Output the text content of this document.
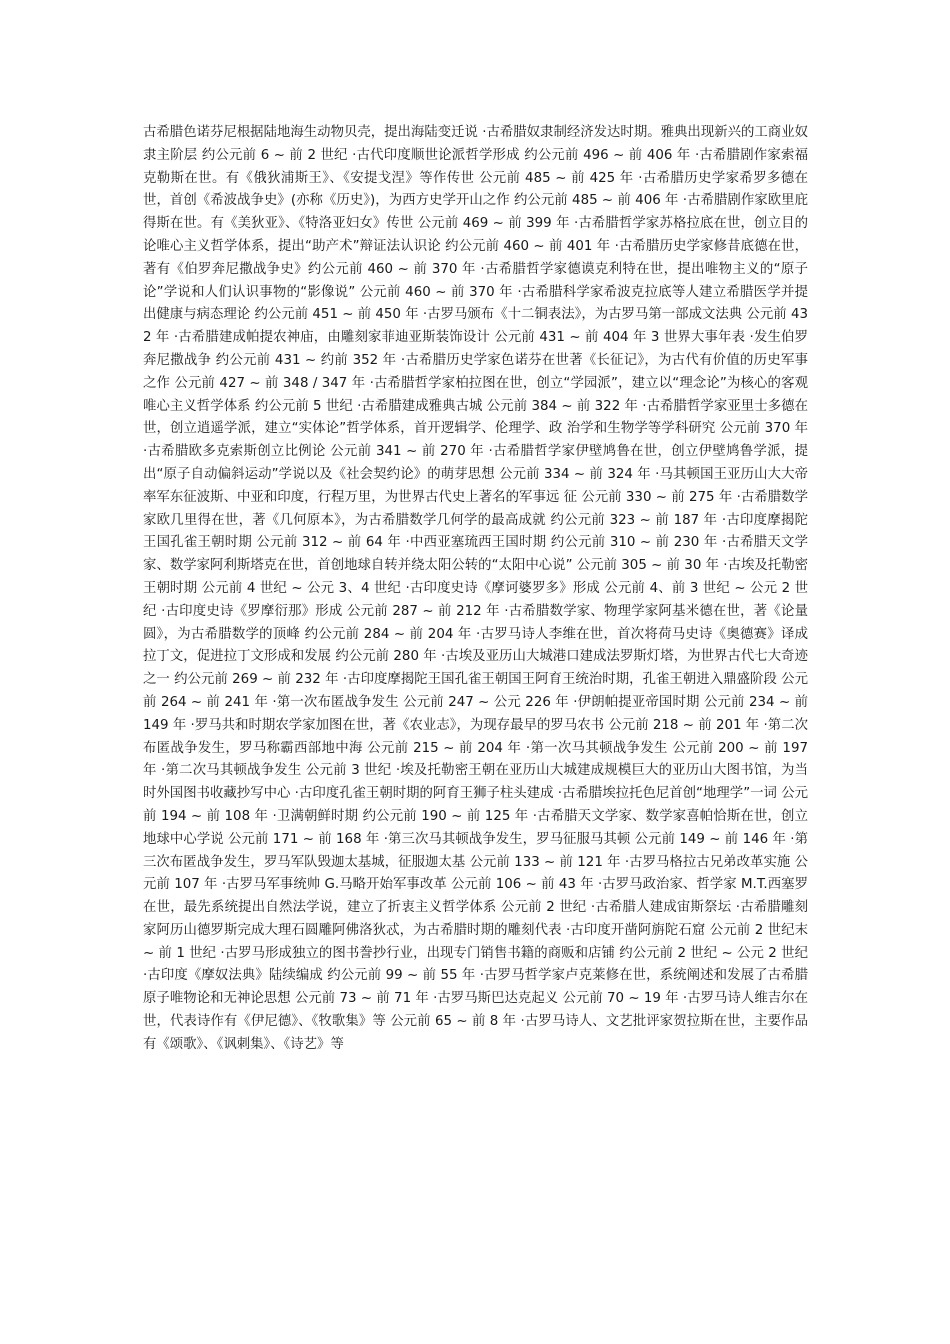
古希腊色诺芬尼根据陆地海生动物贝壳，提出海陆变迁说 ·古希腊奴隶制经济发达时期。雅典出现新兴的工商业奴隶主阶层 约公元前 6 ~ 前 2 世纪 ·古代印度顺世论派哲学形成 约公元前 496 ~ 前 406 年 ·古希腊剧作家索福克勒斯在世。有《俄狄浦斯王》、《安提戈涅》等作传世 公元前 485 ~ 前 425 年 ·古希腊历史学家希罗多德在世，首创《希波战争史》(亦称《历史》)，为西方史学开山之作 约公元前 485 ~ 前 406 年 ·古希腊剧作家欧里庇得斯在世。有《美狄亚》、《特洛亚妇女》传世 公元前 469 ~ 前 399 年 ·古希腊哲学家苏格拉底在世，创立目的论唯心主义哲学体系，提出“助产术”辩证法认识论 约公元前 460 ~ 前 401 年 ·古希腊历史学家修昔底德在世，著有《伯罗奔尼撒战争史》约公元前 460 ~ 前 370 年 ·古希腊哲学家德谟克利特在世，提出唯物主义的“原子论”学说和人们认识事物的“影像说” 公元前 460 ~ 前 370 年 ·古希腊科学家希波克拉底等人建立希腊医学并提出健康与病态理论 约公元前 451 ~ 前 450 年 ·古罗马颁布《十二铜表法》，为古罗马第一部成文法典 公元前 432 年 ·古希腊建成帕提农神庙，由雕刻家菲迪亚斯装饰设计 公元前 431 ~ 前 404 年 3 世界大事年表 ·发生伯罗奔尼撒战争 约公元前 431 ~ 约前 352 年 ·古希腊历史学家色诺芬在世著《长征记》，为古代有价值的历史军事之作 公元前 427 ~ 前 348 / 347 年 ·古希腊哲学家柏拉图在世，创立“学园派”，建立以“理念论”为核心的客观唯心主义哲学体系 约公元前 5 世纪 ·古希腊建成雅典古城 公元前 384 ~ 前 322 年 ·古希腊哲学家亚里士多德在世，创立逍遥学派，建立“实体论”哲学体系，首开逻辑学、伦理学、政 治学和生物学等学科研究 公元前 370 年 ·古希腊欧多克索斯创立比例论 公元前 341 ~ 前 270 年 ·古希腊哲学家伊壁鸠鲁在世，创立伊壁鸠鲁学派，提出“原子自动偏斜运动”学说以及《社会契约论》的萌芽思想 公元前 334 ~ 前 324 年 ·马其顿国王亚历山大大帝率军东征波斯、中亚和印度，行程万里，为世界古代史上著名的军事远 征 公元前 330 ~ 前 275 年 ·古希腊数学家欧几里得在世，著《几何原本》，为古希腊数学几何学的最高成就 约公元前 323 ~ 前 187 年 ·古印度摩揭陀王国孔雀王朝时期 公元前 312 ~ 前 64 年 ·中西亚塞琉西王国时期 约公元前 310 ~ 前 230 年 ·古希腊天文学家、数学家阿利斯塔克在世，首创地球自转并绕太阳公转的“太阳中心说” 公元前 305 ~ 前 30 年 ·古埃及托勒密王朝时期 公元前 4 世纪 ~ 公元 3、4 世纪 ·古印度史诗《摩诃婆罗多》形成 公元前 4、前 3 世纪 ~ 公元 2 世纪 ·古印度史诗《罗摩衍那》形成 公元前 287 ~ 前 212 年 ·古希腊数学家、物理学家阿基米德在世，著《论量圆》，为古希腊数学的顶峰 约公元前 284 ~ 前 204 年 ·古罗马诗人李维在世，首次将荷马史诗《奥德赛》译成拉丁文，促进拉丁文形成和发展 约公元前 280 年 ·古埃及亚历山大城港口建成法罗斯灯塔，为世界古代七大奇迹之一 约公元前 269 ~ 前 232 年 ·古印度摩揭陀王国孔雀王朝国王阿育王统治时期，孔雀王朝进入鼎盛阶段 公元前 264 ~ 前 241 年 ·第一次布匿战争发生 公元前 247 ~ 公元 226 年 ·伊朗帕提亚帝国时期 公元前 234 ~ 前 149 年 ·罗马共和时期农学家加图在世，著《农业志》，为现存最早的罗马农书 公元前 218 ~ 前 201 年 ·第二次布匿战争发生，罗马称霸西部地中海 公元前 215 ~ 前 204 年 ·第一次马其顿战争发生 公元前 200 ~ 前 197 年 ·第二次马其顿战争发生 公元前 3 世纪 ·埃及托勒密王朝在亚历山大城建成规模巨大的亚历山大图书馆，为当时外国图书收藏抄写中心 ·古印度孔雀王朝时期的阿育王狮子柱头建成 ·古希腊埃拉托色尼首创“地理学”一词 公元前 194 ~ 前 108 年 ·卫满朝鲜时期 约公元前 190 ~ 前 125 年 ·古希腊天文学家、数学家喜帕恰斯在世，创立地球中心学说 公元前 171 ~ 前 168 年 ·第三次马其顿战争发生，罗马征服马其顿 公元前 149 ~ 前 146 年 ·第三次布匿战争发生，罗马军队毁迦太基城，征服迦太基 公元前 133 ~ 前 121 年 ·古罗马格拉古兄弟改革实施 公元前 107 年 ·古罗马军事统帅 G.马略开始军事改革 公元前 106 ~ 前 43 年 ·古罗马政治家、哲学家 M.T.西塞罗在世，最先系统提出自然法学说，建立了折衷主义哲学体系 公元前 2 世纪 ·古希腊人建成宙斯祭坛 ·古希腊雕刻家阿历山德罗斯完成大理石圆雕阿佛洛狄忒，为古希腊时期的雕刻代表 ·古印度开凿阿旃陀石窟 公元前 2 世纪末 ~ 前 1 世纪 ·古罗马形成独立的图书誊抄行业，出现专门销售书籍的商贩和店铺 约公元前 2 世纪 ~ 公元 2 世纪 ·古印度《摩奴法典》陆续编成 约公元前 99 ~ 前 55 年 ·古罗马哲学家卢克莱修在世，系统阐述和发展了古希腊原子唯物论和无神论思想 公元前 73 ~ 前 71 年 ·古罗马斯巴达克起义 公元前 70 ~ 19 年 ·古罗马诗人维吉尔在世，代表诗作有《伊尼德》、《牧歌集》等 公元前 65 ~ 前 8 年 ·古罗马诗人、文艺批评家贺拉斯在世，主要作品有《颂歌》、《讽刺集》、《诗艺》等
